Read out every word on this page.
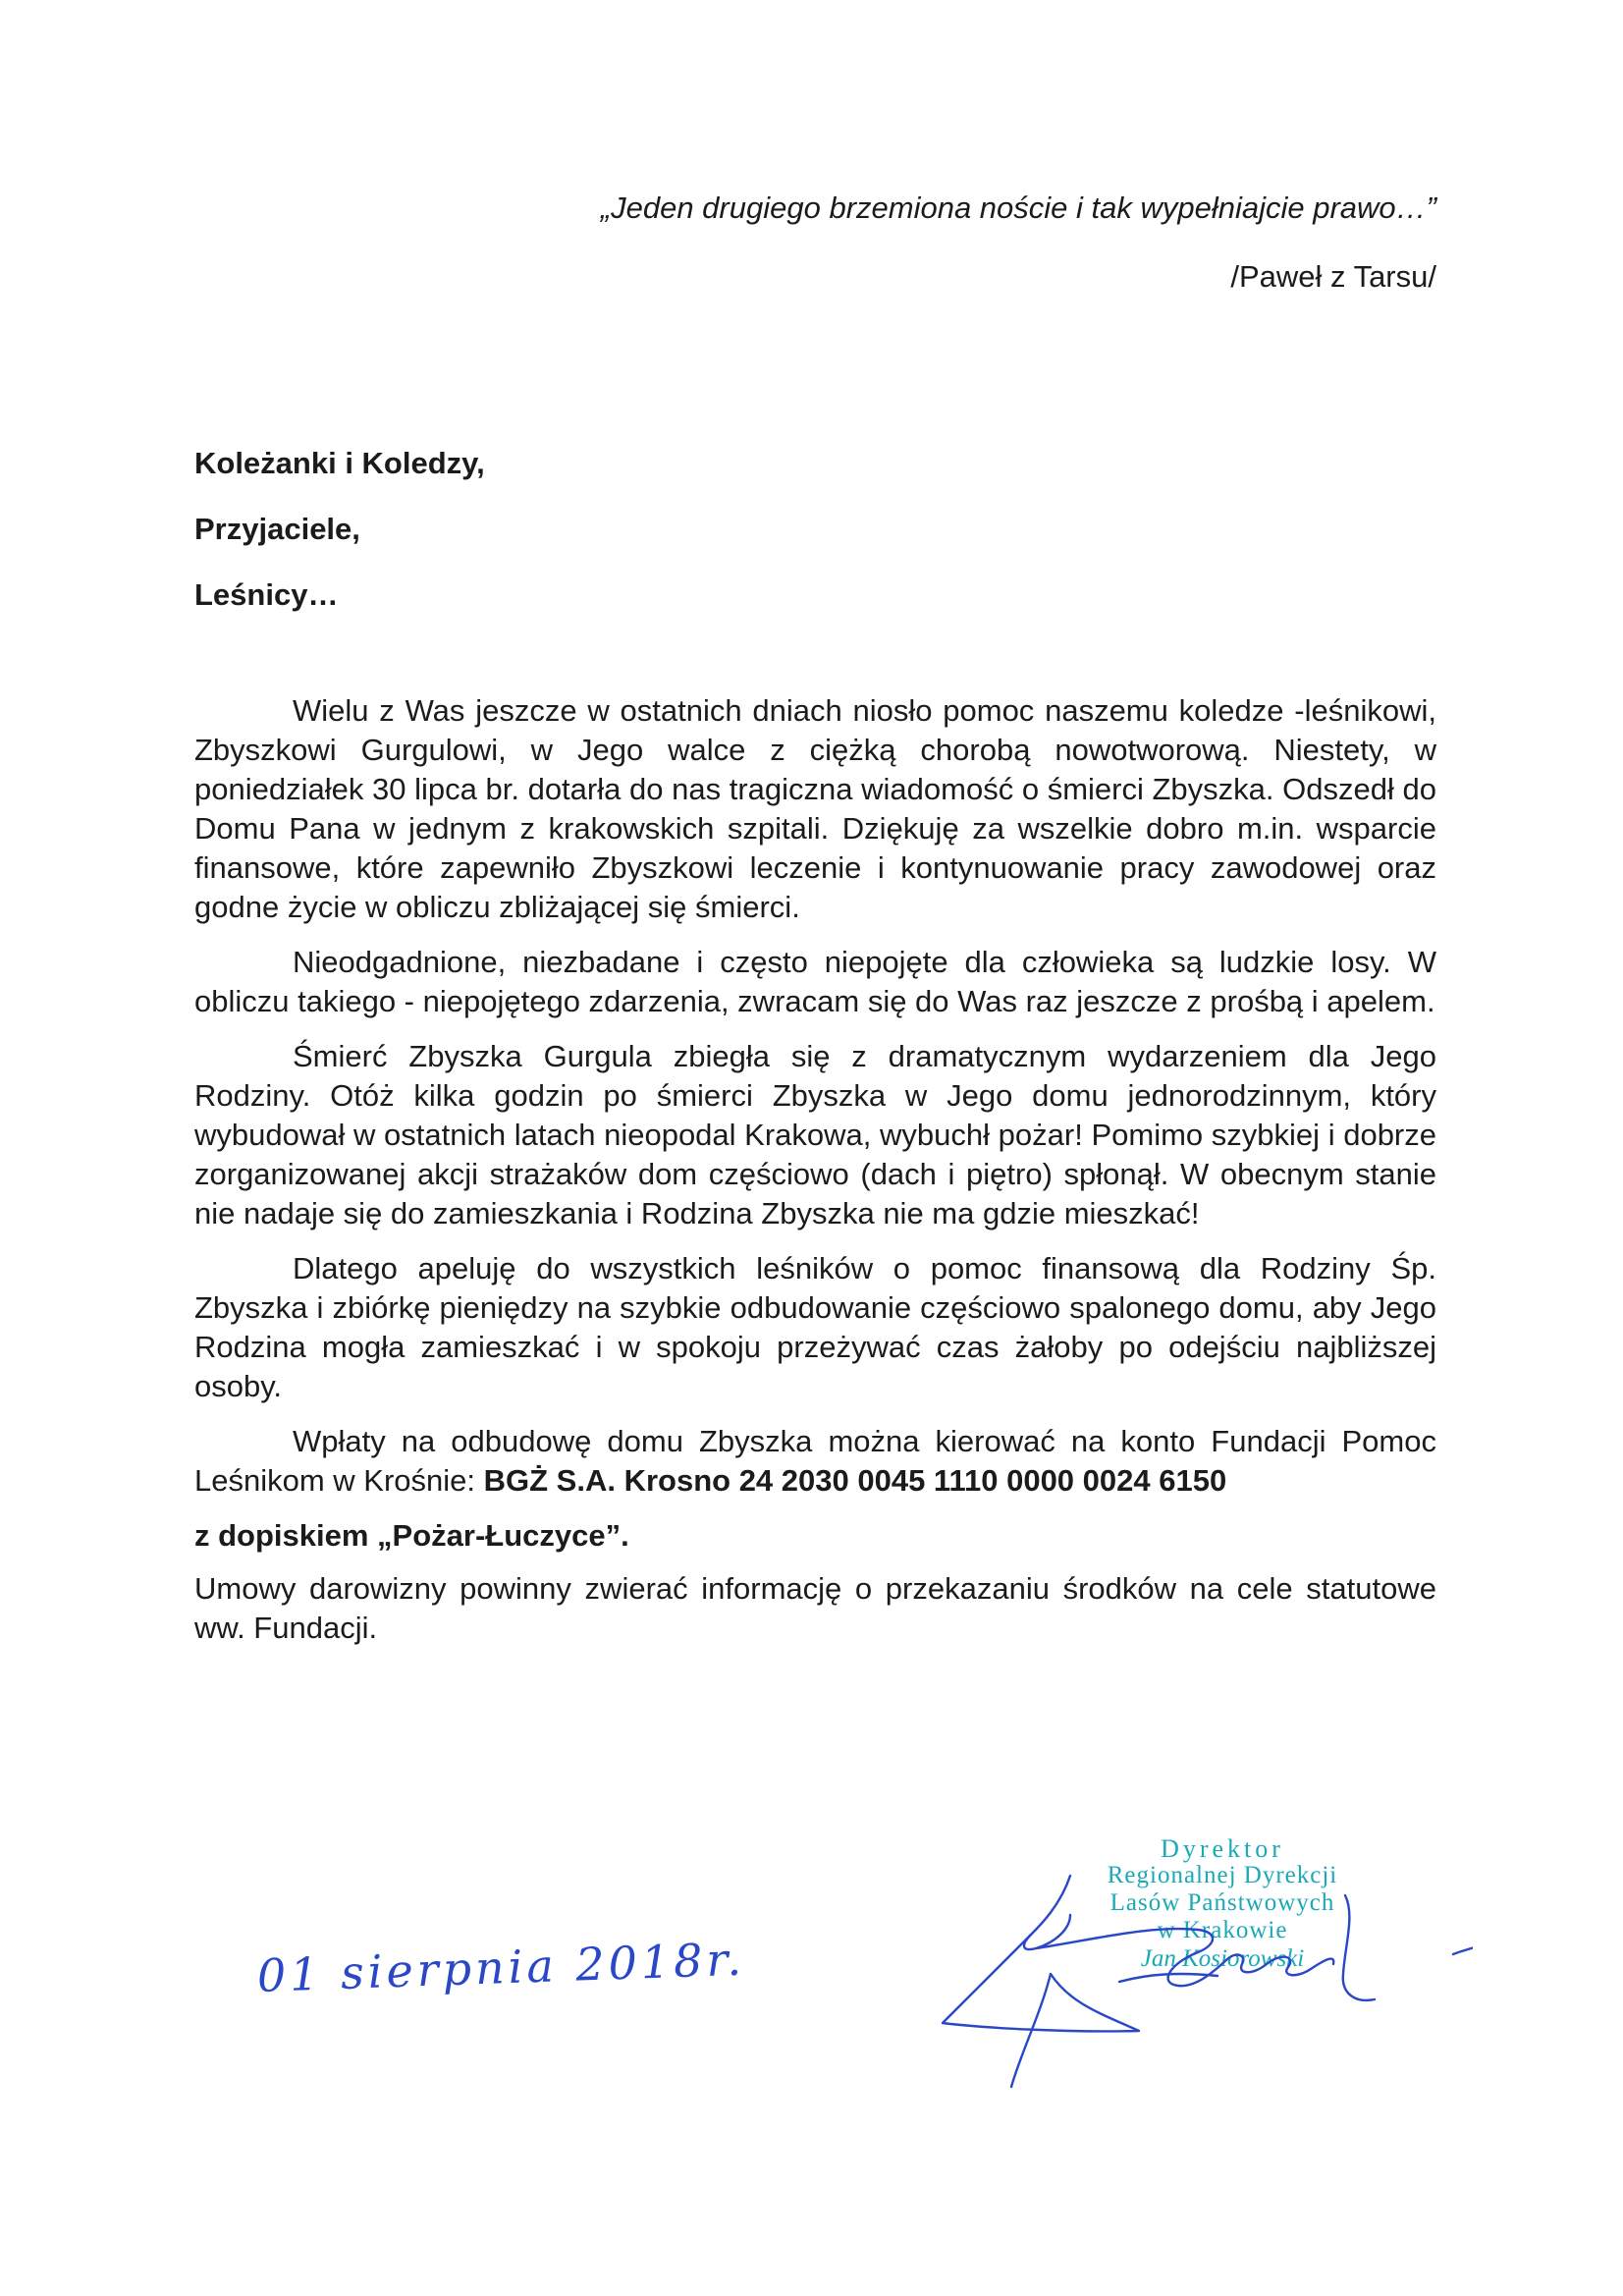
„Jeden drugiego brzemiona noście i tak wypełniajcie prawo…”
/Paweł z Tarsu/
Koleżanki i Koledzy,
Przyjaciele,
Leśnicy…

Wielu z Was jeszcze w ostatnich dniach niosło pomoc naszemu koledze -leśnikowi, Zbyszkowi Gurgulowi, w Jego walce z ciężką chorobą nowotworową. Niestety, w poniedziałek 30 lipca br. dotarła do nas tragiczna wiadomość o śmierci Zbyszka. Odszedł do Domu Pana w jednym z krakowskich szpitali. Dziękuję za wszelkie dobro m.in. wsparcie finansowe, które zapewniło Zbyszkowi leczenie i kontynuowanie pracy zawodowej oraz godne życie w obliczu zbliżającej się śmierci.

Nieodgadnione, niezbadane i często niepojęte dla człowieka są ludzkie losy. W obliczu takiego - niepojętego zdarzenia, zwracam się do Was raz jeszcze z prośbą i apelem.

Śmierć Zbyszka Gurgula zbiegła się z dramatycznym wydarzeniem dla Jego Rodziny. Otóż kilka godzin po śmierci Zbyszka w Jego domu jednorodzinnym, który wybudował w ostatnich latach nieopodal Krakowa, wybuchł pożar! Pomimo szybkiej i dobrze zorganizowanej akcji strażaków dom częściowo (dach i piętro) spłonął. W obecnym stanie nie nadaje się do zamieszkania i Rodzina Zbyszka nie ma gdzie mieszkać!

Dlatego apeluję do wszystkich leśników o pomoc finansową dla Rodziny Śp. Zbyszka i zbiórkę pieniędzy na szybkie odbudowanie częściowo spalonego domu, aby Jego Rodzina mogła zamieszkać i w spokoju przeżywać czas żałoby po odejściu najbliższej osoby.

Wpłaty na odbudowę domu Zbyszka można kierować na konto Fundacji Pomoc Leśnikom w Krośnie: BGŻ S.A. Krosno 24 2030 0045 1110 0000 0024 6150

z dopiskiem „Pożar-Łuczyce”.

Umowy darowizny powinny zwierać informację o przekazaniu środków na cele statutowe ww. Fundacji.

01 sierpnia 2018r.
Dyrektor
Regionalnej Dyrekcji
Lasów Państwowych
w Krakowie
Jan Kosiorowski
